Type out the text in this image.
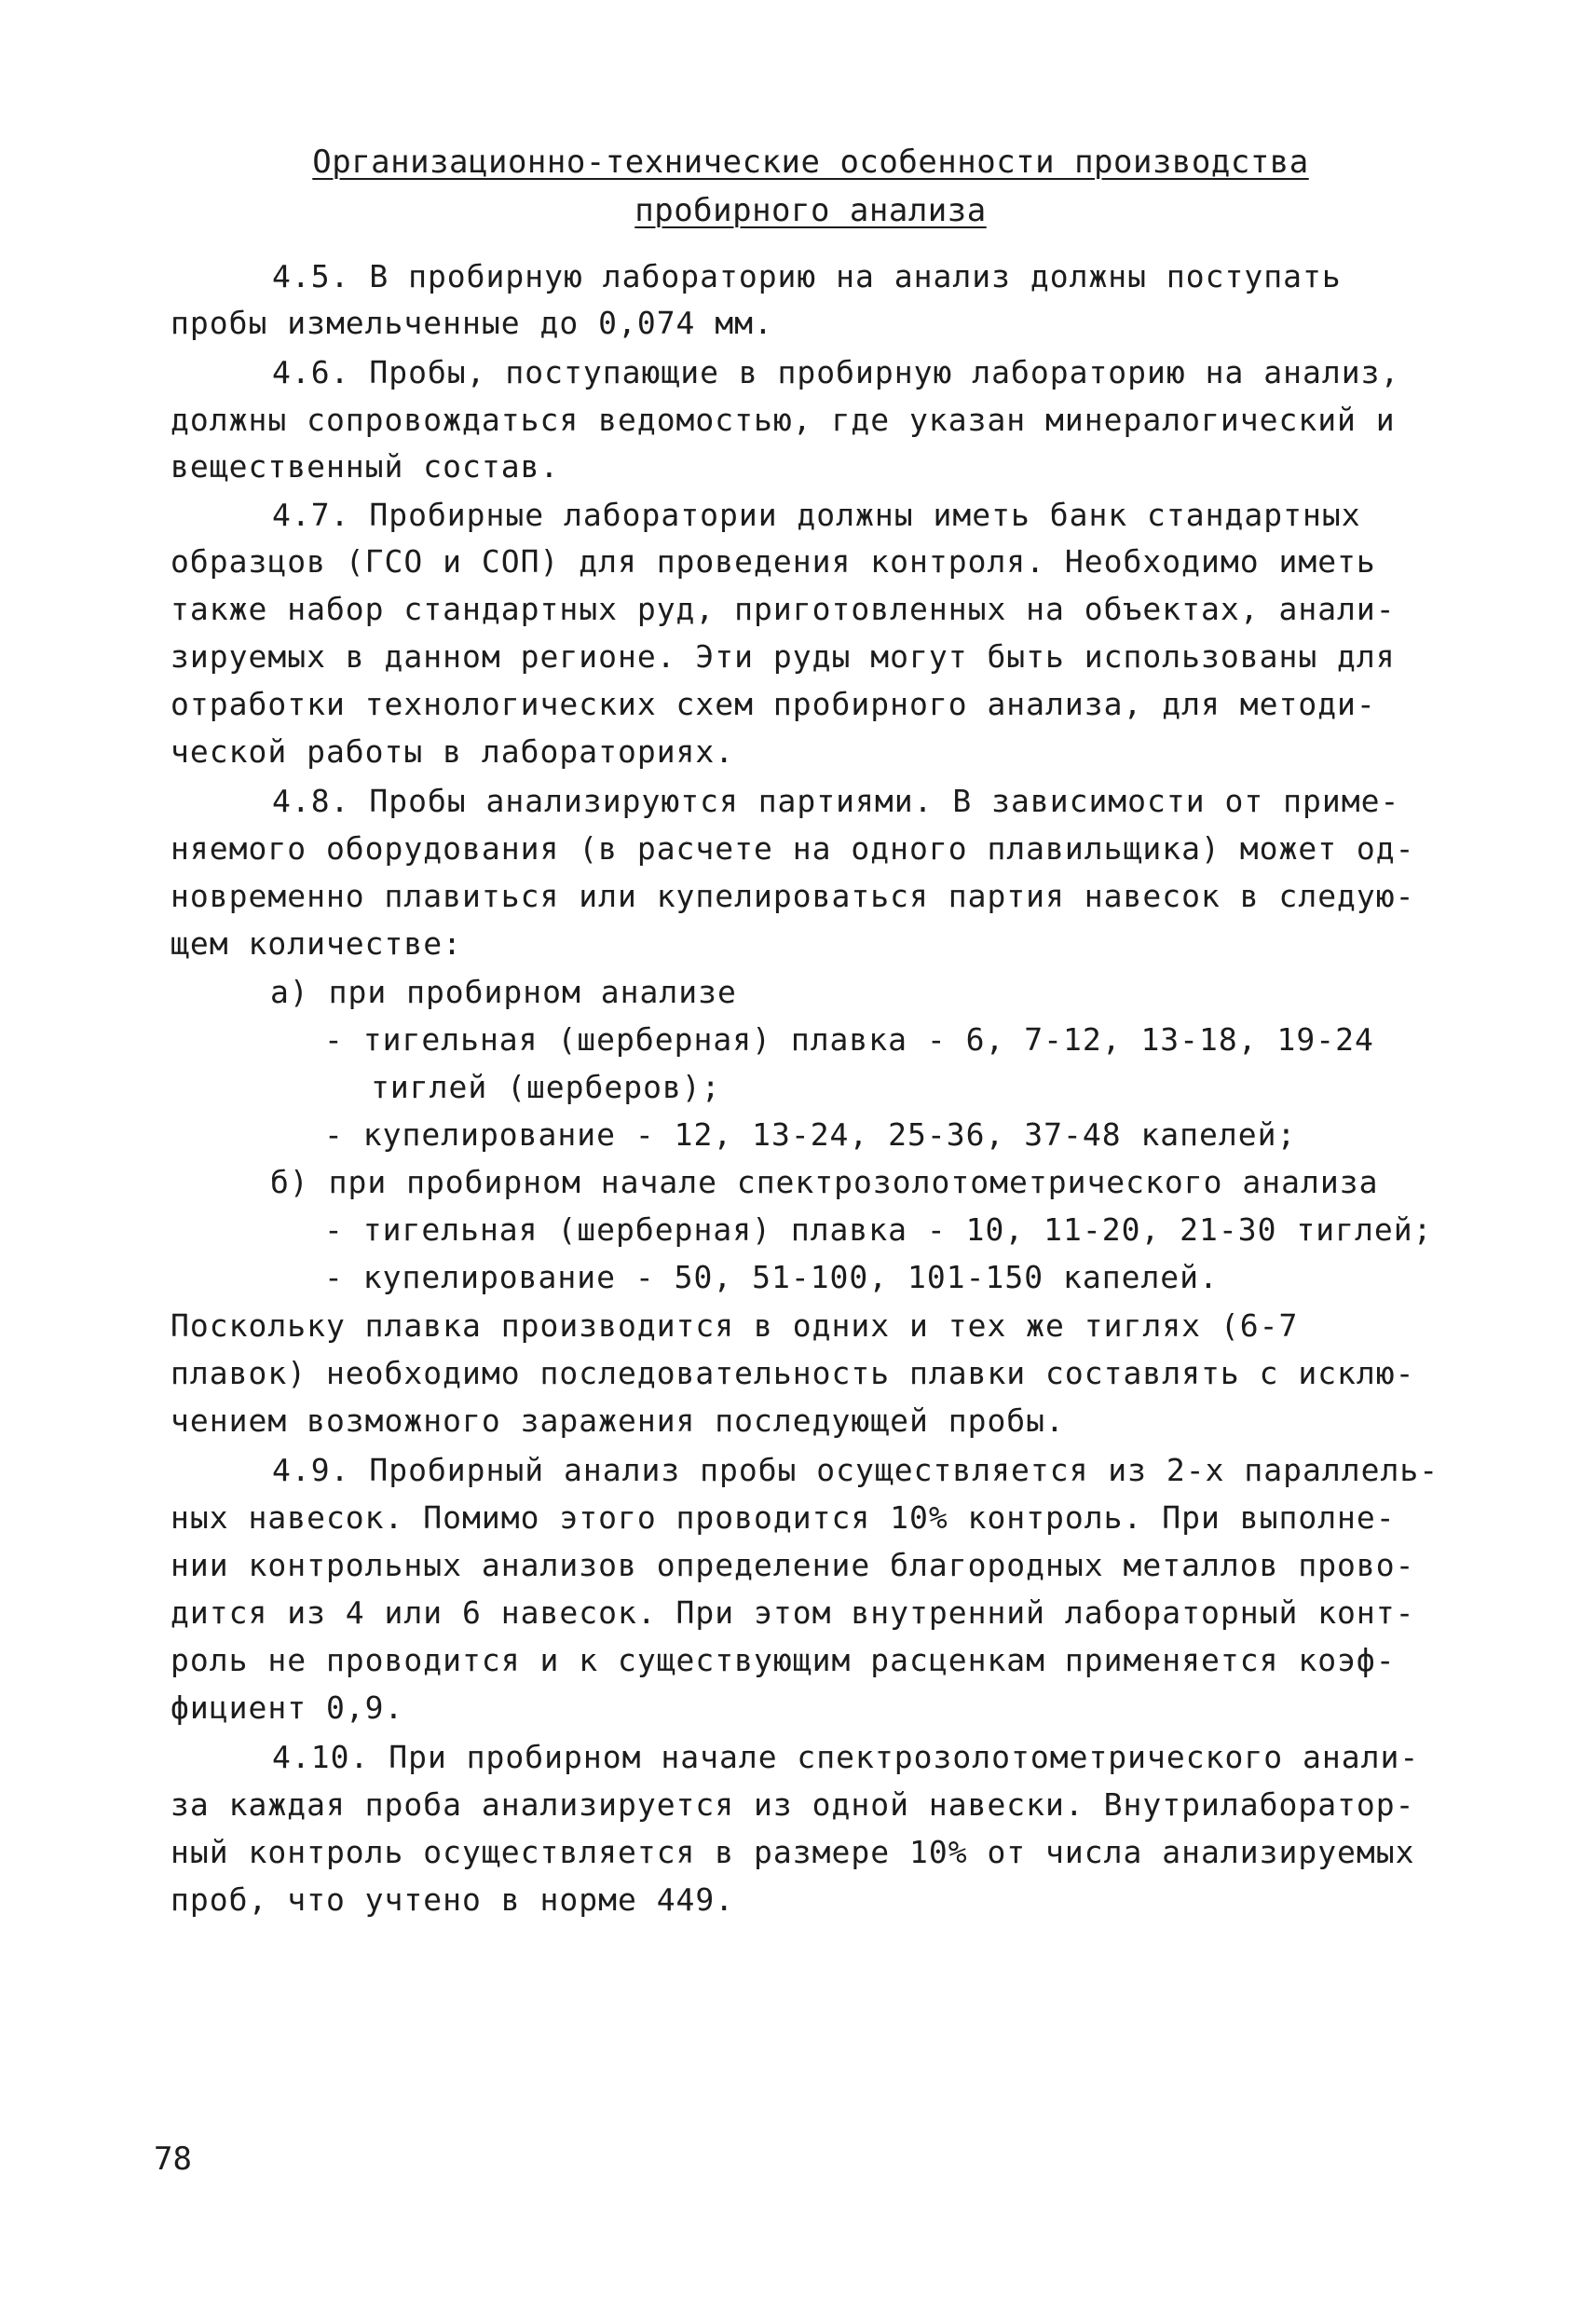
Организационно-технические особенности производства
пробирного анализа
4.5. В пробирную лабораторию на анализ должны поступать
пробы измельченные до 0,074 мм.
4.6. Пробы, поступающие в пробирную лабораторию на анализ,
должны сопровождаться ведомостью, где указан минералогический и
вещественный состав.
4.7. Пробирные лаборатории должны иметь банк стандартных
образцов (ГСО и СОП) для проведения контроля. Необходимо иметь
также набор стандартных руд, приготовленных на объектах, анали-
зируемых в данном регионе. Эти руды могут быть использованы для
отработки технологических схем пробирного анализа, для методи-
ческой работы в лабораториях.
4.8. Пробы анализируются партиями. В зависимости от приме-
няемого оборудования (в расчете на одного плавильщика) может од-
новременно плавиться или купелироваться партия навесок в следую-
щем количестве:
а) при пробирном анализе
- тигельная (шерберная) плавка - 6, 7-12, 13-18, 19-24
тиглей (шерберов);
- купелирование - 12, 13-24, 25-36, 37-48 капелей;
б) при пробирном начале спектрозолотометрического анализа
- тигельная (шерберная) плавка - 10, 11-20, 21-30 тиглей;
- купелирование - 50, 51-100, 101-150 капелей.
Поскольку плавка производится в одних и тех же тиглях (6-7
плавок) необходимо последовательность плавки составлять с исклю-
чением возможного заражения последующей пробы.
4.9. Пробирный анализ пробы осуществляется из 2-х параллель-
ных навесок. Помимо этого проводится 10% контроль. При выполне-
нии контрольных анализов определение благородных металлов прово-
дится из 4 или 6 навесок. При этом внутренний лабораторный конт-
роль не проводится и к существующим расценкам применяется коэф-
фициент 0,9.
4.10. При пробирном начале спектрозолотометрического анали-
за каждая проба анализируется из одной навески. Внутрилаборатор-
ный контроль осуществляется в размере 10% от числа анализируемых
проб, что учтено в норме 449.
78
